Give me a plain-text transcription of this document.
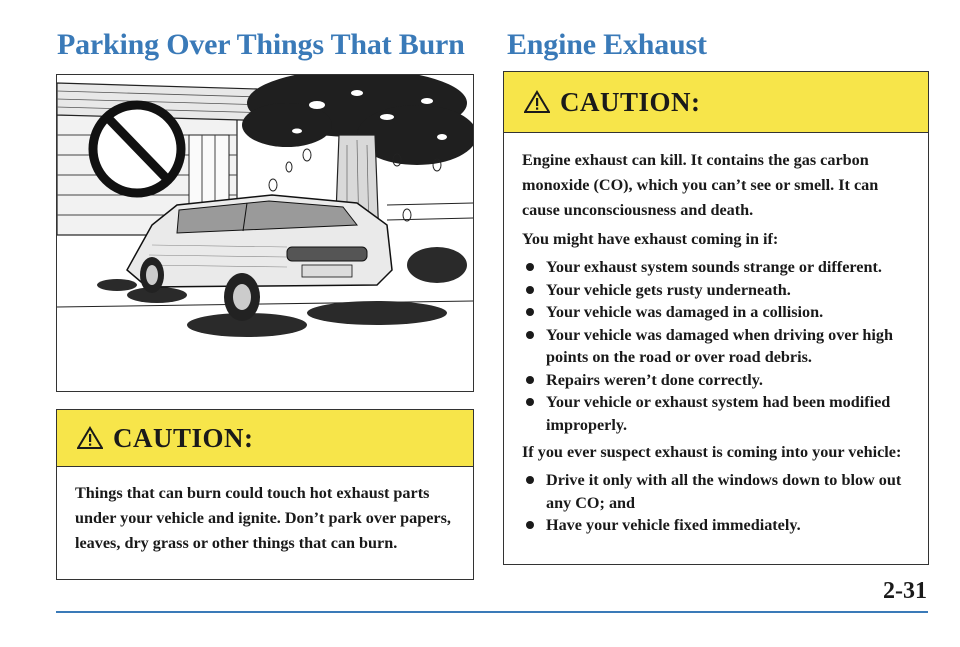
Parking Over Things That Burn Engine Exhaust
CAUTION:

Things that can burn could touch hot exhaust parts under your vehicle and ignite. Don’t park over papers, leaves, dry grass or other things that can burn.

CAUTION:

Engine exhaust can kill. It contains the gas carbon monoxide (CO), which you can’t see or smell. It can cause unconsciousness and death.

You might have exhaust coming in if:

Your exhaust system sounds strange or different.
Your vehicle gets rusty underneath.
Your vehicle was damaged in a collision.
Your vehicle was damaged when driving over high points on the road or over road debris.
Repairs weren’t done correctly.
Your vehicle or exhaust system had been modified improperly.

If you ever suspect exhaust is coming into your vehicle:

Drive it only with all the windows down to blow out any CO; and
Have your vehicle fixed immediately.
2-31
